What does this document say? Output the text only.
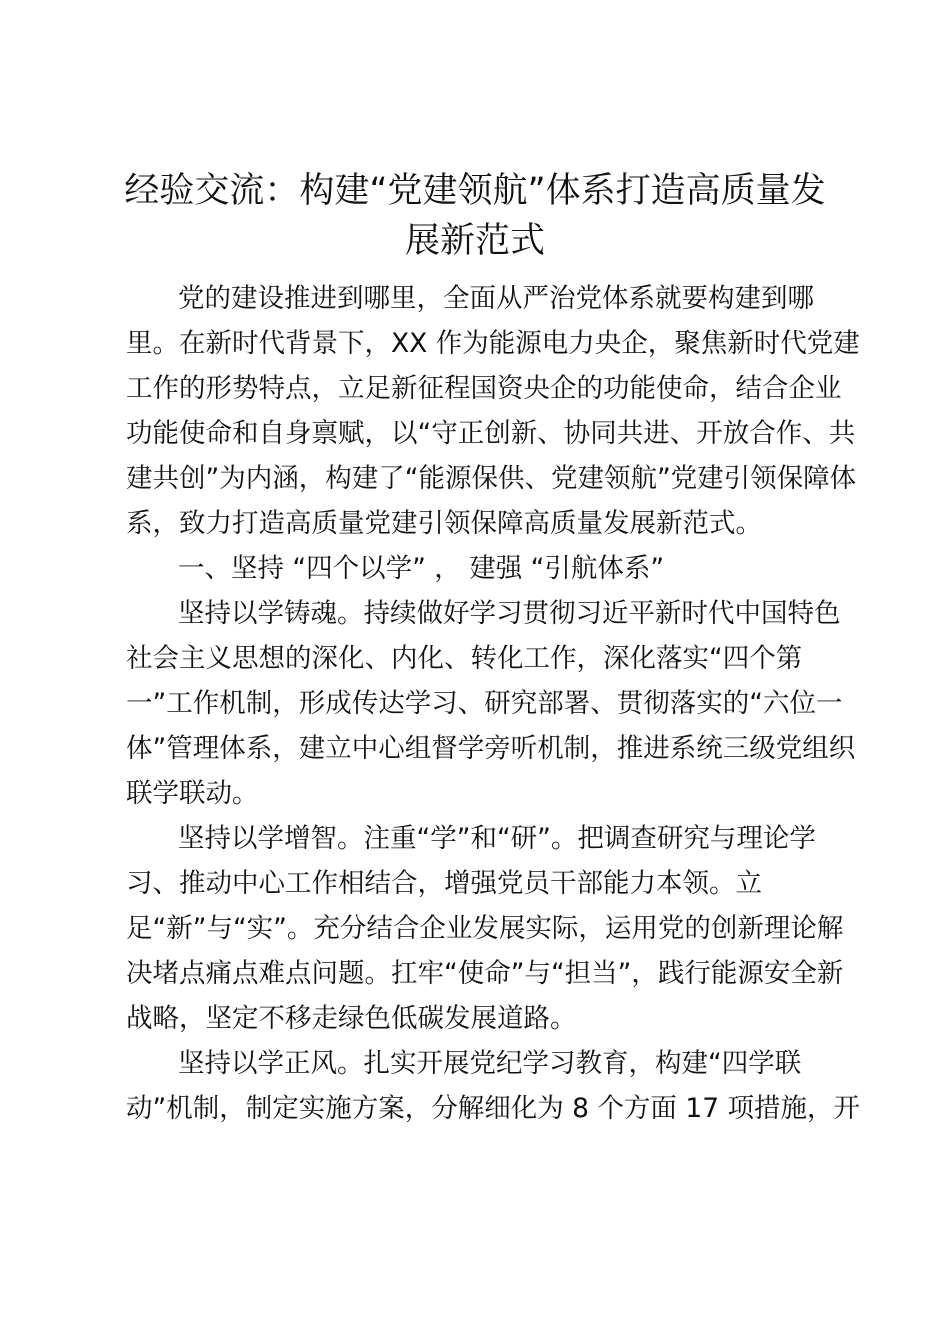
经验交流：构建“党建领航”体系打造高质量发
展新范式
党的建设推进到哪里，全面从严治党体系就要构建到哪
里。在新时代背景下，XX 作为能源电力央企，聚焦新时代党建
工作的形势特点，立足新征程国资央企的功能使命，结合企业
功能使命和自身禀赋，以“守正创新、协同共进、开放合作、共
建共创”为内涵，构建了“能源保供、党建领航”党建引领保障体
系，致力打造高质量党建引领保障高质量发展新范式。
一、坚持 “四个以学” ， 建强 “引航体系”
坚持以学铸魂。持续做好学习贯彻习近平新时代中国特色
社会主义思想的深化、内化、转化工作，深化落实“四个第
一”工作机制，形成传达学习、研究部署、贯彻落实的“六位一
体”管理体系，建立中心组督学旁听机制，推进系统三级党组织
联学联动。
坚持以学增智。注重“学”和“研”。把调查研究与理论学
习、推动中心工作相结合，增强党员干部能力本领。立
足“新”与“实”。充分结合企业发展实际，运用党的创新理论解
决堵点痛点难点问题。扛牢“使命”与“担当”，践行能源安全新
战略，坚定不移走绿色低碳发展道路。
坚持以学正风。扎实开展党纪学习教育，构建“四学联
动”机制，制定实施方案，分解细化为 8 个方面 17 项措施，开
